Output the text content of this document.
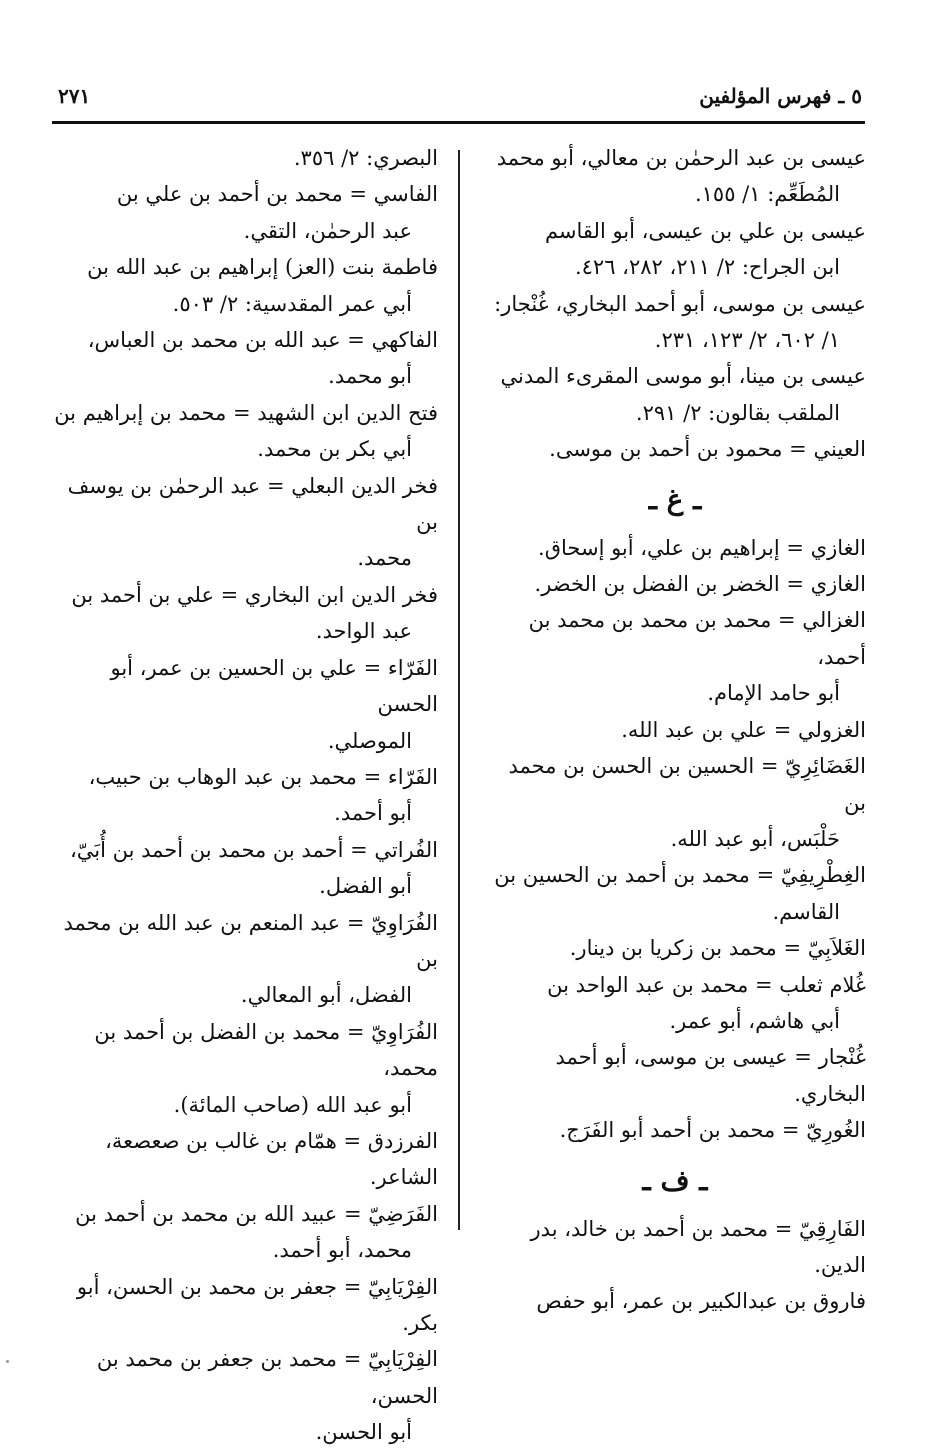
٥ ـ فهرس المؤلفين
٢٧١
عيسى بن عبد الرحمٰن بن معالي، أبو محمد
المُطَعِّم: ١/ ١٥٥.
عيسى بن علي بن عيسى، أبو القاسم
ابن الجراح: ٢/ ٢١١، ٢٨٢، ٤٢٦.
عيسى بن موسى، أبو أحمد البخاري، غُنْجار:
١/ ٦٠٢، ٢/ ١٢٣، ٢٣١.
عيسى بن مينا، أبو موسى المقرىء المدني
الملقب بقالون: ٢/ ٢٩١.
العيني = محمود بن أحمد بن موسى.
ـ غ ـ
الغازي = إبراهيم بن علي، أبو إسحاق.
الغازي = الخضر بن الفضل بن الخضر.
الغزالي = محمد بن محمد بن محمد بن أحمد،
أبو حامد الإمام.
الغزولي = علي بن عبد الله.
الغَضَائِرِيّ = الحسين بن الحسن بن محمد بن
حَلْبَس، أبو عبد الله.
الغِطْرِيفِيّ = محمد بن أحمد بن الحسين بن
القاسم.
الغَلاَبِيّ = محمد بن زكريا بن دينار.
غُلام ثعلب = محمد بن عبد الواحد بن
أبي هاشم، أبو عمر.
غُنْجار = عيسى بن موسى، أبو أحمد البخاري.
الغُورِيّ = محمد بن أحمد أبو الفَرَج.
ـ ف ـ
الفَارِقِيّ = محمد بن أحمد بن خالد، بدر الدين.
فاروق بن عبدالكبير بن عمر، أبو حفص
البصري: ٢/ ٣٥٦.
الفاسي = محمد بن أحمد بن علي بن
عبد الرحمٰن، التقي.
فاطمة بنت (العز) إبراهيم بن عبد الله بن
أبي عمر المقدسية: ٢/ ٥٠٣.
الفاكهي = عبد الله بن محمد بن العباس،
أبو محمد.
فتح الدين ابن الشهيد = محمد بن إبراهيم بن
أبي بكر بن محمد.
فخر الدين البعلي = عبد الرحمٰن بن يوسف بن
محمد.
فخر الدين ابن البخاري = علي بن أحمد بن
عبد الواحد.
الفَرّاء = علي بن الحسين بن عمر، أبو الحسن
الموصلي.
الفَرّاء = محمد بن عبد الوهاب بن حبيب،
أبو أحمد.
الفُراتي = أحمد بن محمد بن أحمد بن أُبَيّ،
أبو الفضل.
الفُرَاوِيّ = عبد المنعم بن عبد الله بن محمد بن
الفضل، أبو المعالي.
الفُرَاوِيّ = محمد بن الفضل بن أحمد بن محمد،
أبو عبد الله (صاحب المائة).
الفرزدق = همّام بن غالب بن صعصعة، الشاعر.
الفَرَضِيّ = عبيد الله بن محمد بن أحمد بن
محمد، أبو أحمد.
الفِرْيَابِيّ = جعفر بن محمد بن الحسن، أبو بكر.
الفِرْيَابِيّ = محمد بن جعفر بن محمد بن الحسن،
أبو الحسن.
